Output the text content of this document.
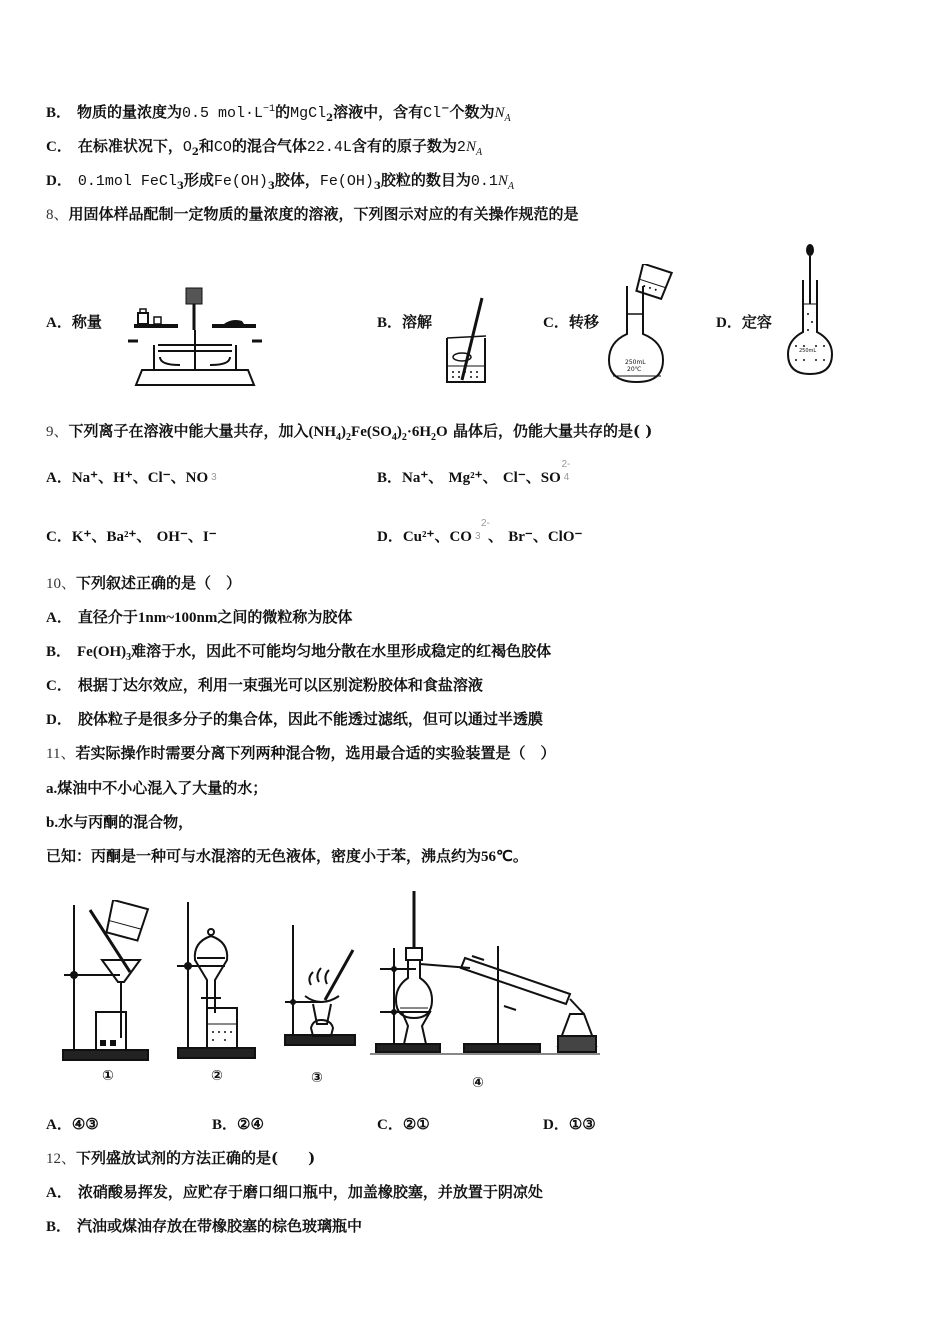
B． 物质的量浓度为0.5 $mol\cdot L^{-1}$的MgCl$_2$溶液中，含有Cl−个数为$N_A$
C． 在标准状况下，$O_2$和CO的混合气体22.4L含有的原子数为$2N_A$
D． 0.1mol FeCl$_3$形成$Fe(OH)_3$胶体，$Fe(OH)_3$胶粒的数目为$0.1N_A$
8、用固体样品配制一定物质的量浓度的溶液，下列图示对应的有关操作规范的是
A．称量	B．溶解	C．转移
250mL
20℃
D．定容
250mL
9、下列离子在溶液中能大量共存，加入$(NH_4)_2Fe(SO_4)_2\cdot 6H_2O$ 晶体后，仍能大量共存的是( )
A．Na⁺、H⁺、Cl⁻、NO 3	B．Na⁺、 Mg²⁺、 Cl⁻、SO 4
2-
C．K⁺、Ba²⁺、 OH⁻、I⁻	D．Cu²⁺、CO 3
2-
、 Br⁻、ClO⁻
10、下列叙述正确的是（　）
A． 直径介于1nm~100nm之间的微粒称为胶体
B． $Fe(OH)_3$难溶于水，因此不可能均匀地分散在水里形成稳定的红褐色胶体
C． 根据丁达尔效应，利用一束强光可以区别淀粉胶体和食盐溶液
D． 胶体粒子是很多分子的集合体，因此不能透过滤纸，但可以通过半透膜
11、若实际操作时需要分离下列两种混合物，选用最合适的实验装置是（　）
a.煤油中不小心混入了大量的水；
b.水与丙酮的混合物，
已知：丙酮是一种可与水混溶的无色液体，密度小于苯，沸点约为56℃。
①	②	③	④
A．④③	B．②④	C．②①	D．①③
12、下列盛放试剂的方法正确的是(　　)
A． 浓硝酸易挥发，应贮存于磨口细口瓶中，加盖橡胶塞，并放置于阴凉处
B． 汽油或煤油存放在带橡胶塞的棕色玻璃瓶中
